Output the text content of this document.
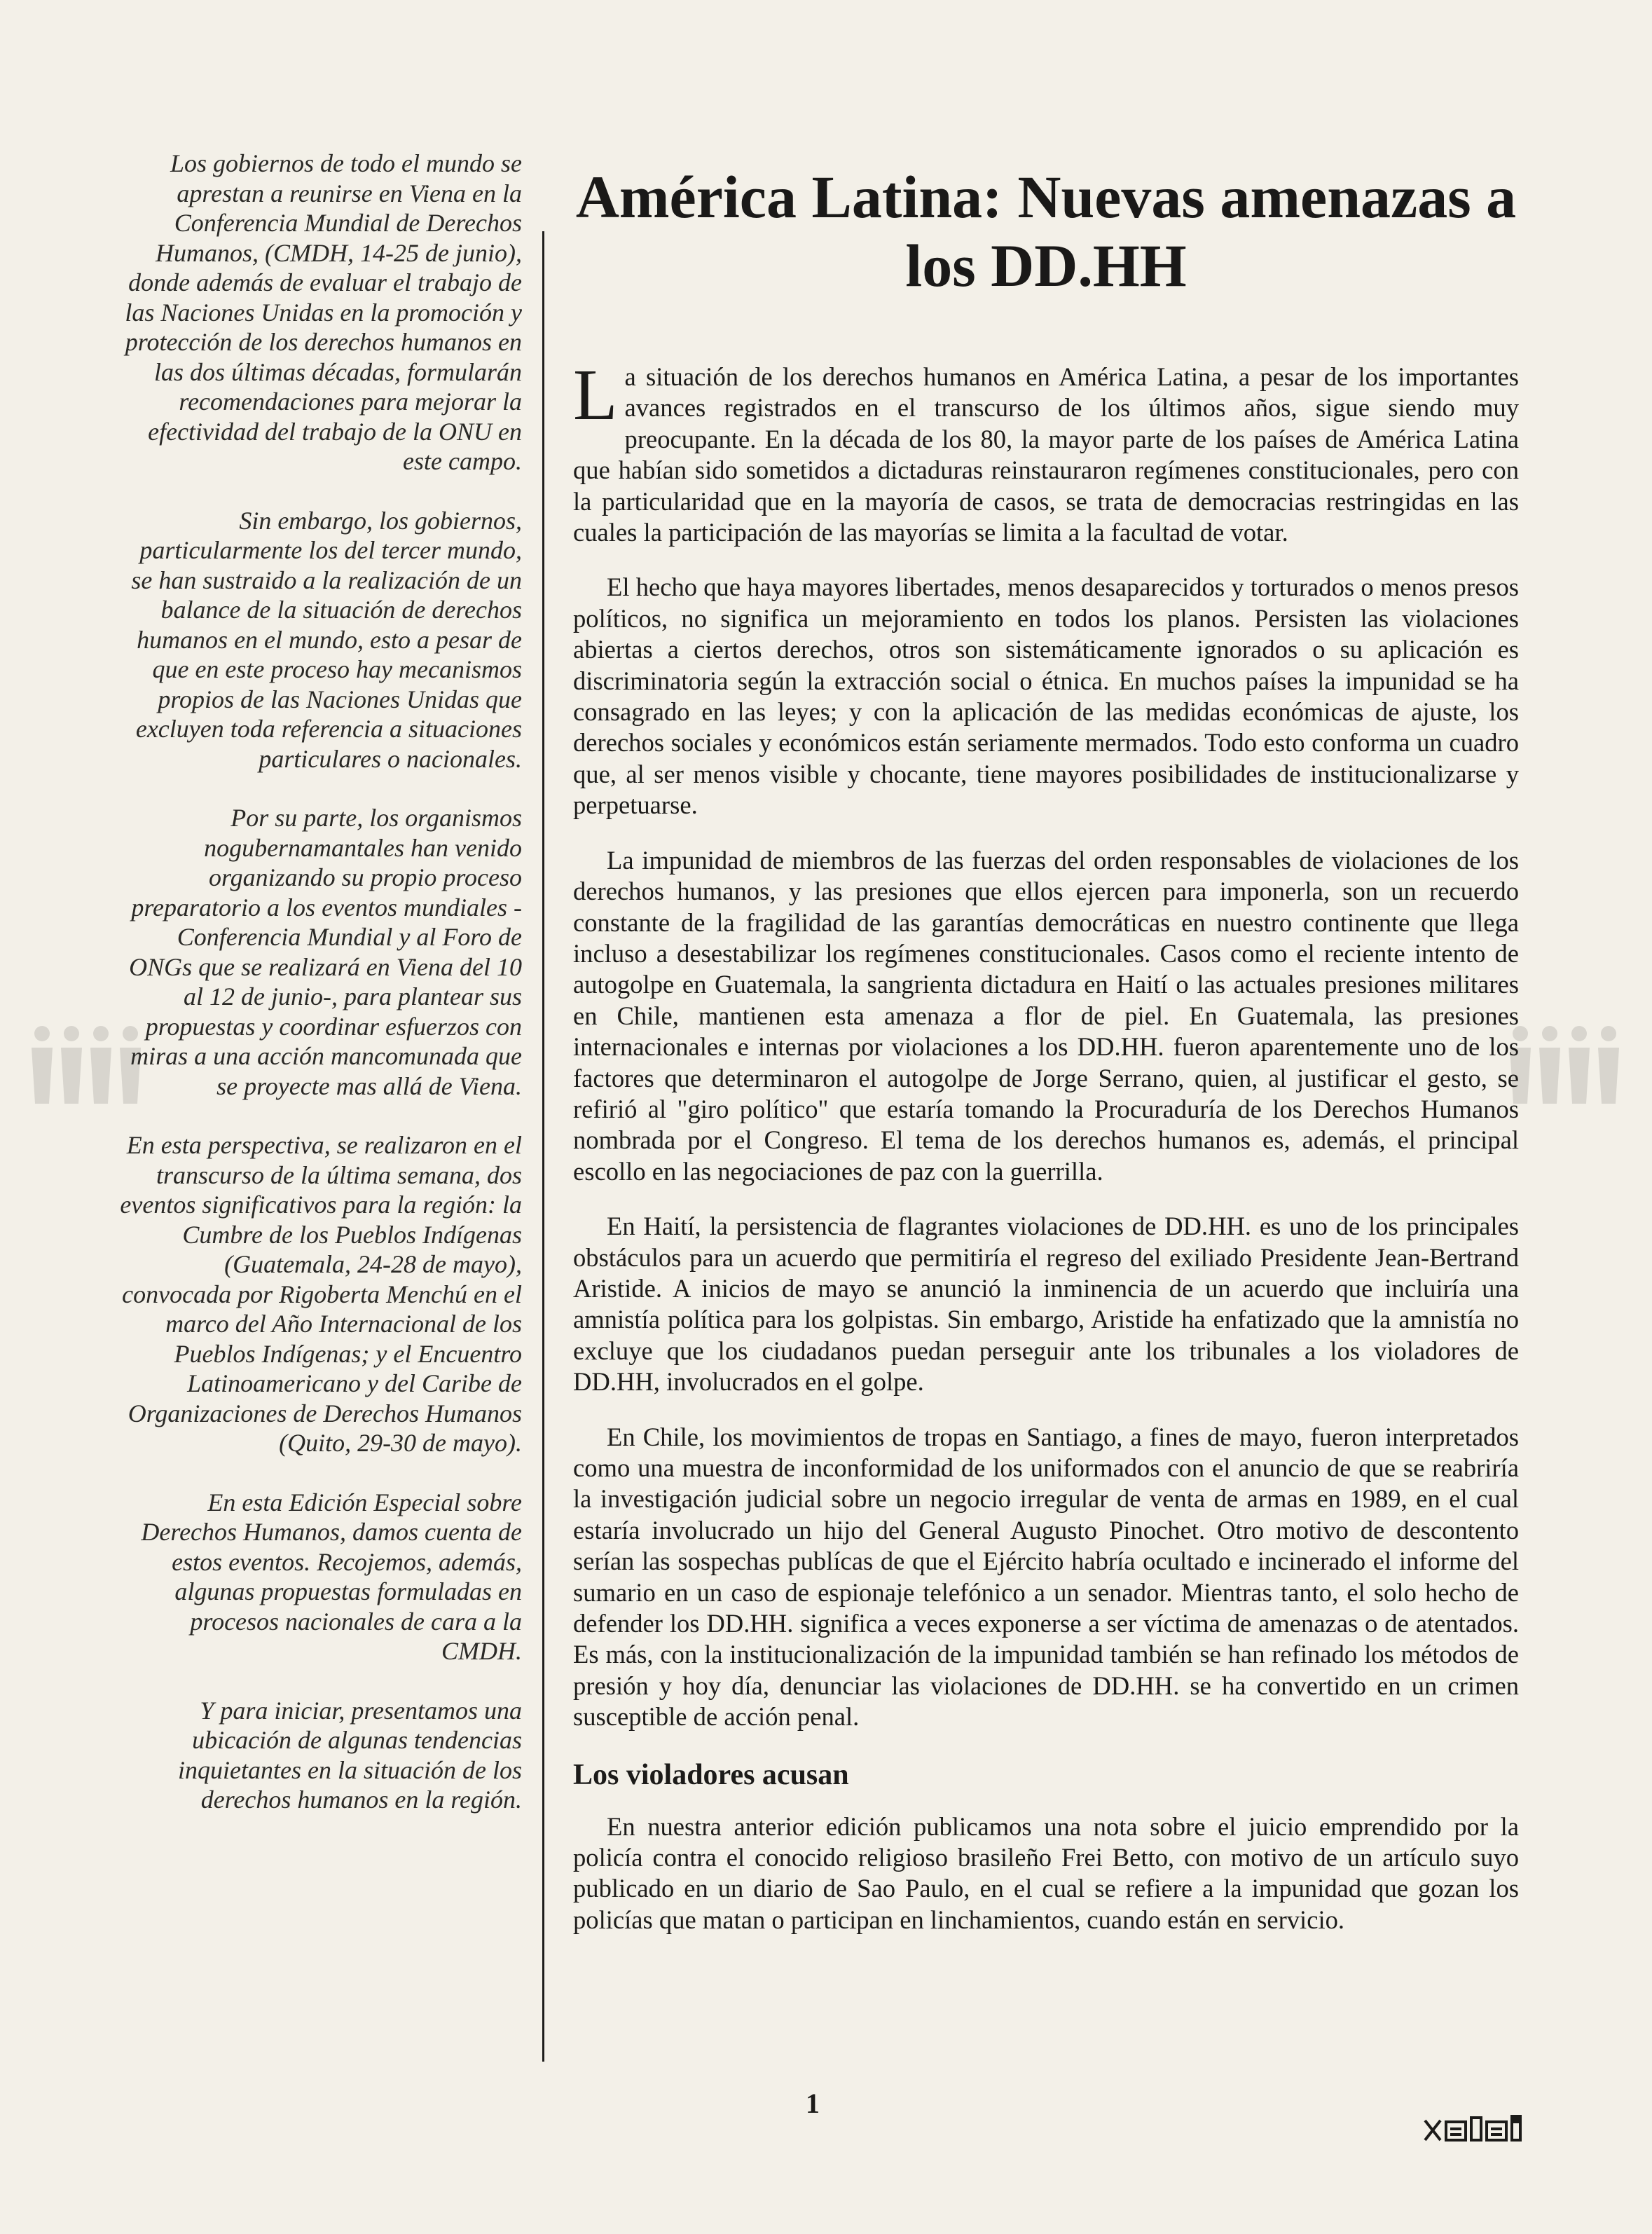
Los gobiernos de todo el mundo se aprestan a reunirse en Viena en la Conferencia Mundial de Derechos Humanos, (CMDH, 14-25 de junio), donde además de evaluar el trabajo de las Naciones Unidas en la promoción y protección de los derechos humanos en las dos últimas décadas, formularán recomendaciones para mejorar la efectividad del trabajo de la ONU en este campo.

Sin embargo, los gobiernos, particularmente los del tercer mundo, se han sustraido a la realización de un balance de la situación de derechos humanos en el mundo, esto a pesar de que en este proceso hay mecanismos propios de las Naciones Unidas que excluyen toda referencia a situaciones particulares o nacionales.

Por su parte, los organismos nogubernamantales han venido organizando su propio proceso preparatorio a los eventos mundiales -Conferencia Mundial y al Foro de ONGs que se realizará en Viena del 10 al 12 de junio-, para plantear sus propuestas y coordinar esfuerzos con miras a una acción mancomunada que se proyecte mas allá de Viena.

En esta perspectiva, se realizaron en el transcurso de la última semana, dos eventos significativos para la región: la Cumbre de los Pueblos Indígenas (Guatemala, 24-28 de mayo), convocada por Rigoberta Menchú en el marco del Año Internacional de los Pueblos Indígenas; y el Encuentro Latinoamericano y del Caribe de Organizaciones de Derechos Humanos (Quito, 29-30 de mayo).

En esta Edición Especial sobre Derechos Humanos, damos cuenta de estos eventos. Recojemos, además, algunas propuestas formuladas en procesos nacionales de cara a la CMDH.

Y para iniciar, presentamos una ubicación de algunas tendencias inquietantes en la situación de los derechos humanos en la región.

América Latina: Nuevas amenazas a los DD.HH

La situación de los derechos humanos en América Latina, a pesar de los importantes avances registrados en el transcurso de los últimos años, sigue siendo muy preocupante. En la década de los 80, la mayor parte de los países de América Latina que habían sido sometidos a dictaduras reinstauraron regímenes constitucionales, pero con la particularidad que en la mayoría de casos, se trata de democracias restringidas en las cuales la participación de las mayorías se limita a la facultad de votar.

El hecho que haya mayores libertades, menos desaparecidos y torturados o menos presos políticos, no significa un mejoramiento en todos los planos. Persisten las violaciones abiertas a ciertos derechos, otros son sistemáticamente ignorados o su aplicación es discriminatoria según la extracción social o étnica. En muchos países la impunidad se ha consagrado en las leyes; y con la aplicación de las medidas económicas de ajuste, los derechos sociales y económicos están seriamente mermados. Todo esto conforma un cuadro que, al ser menos visible y chocante, tiene mayores posibilidades de institucionalizarse y perpetuarse.

La impunidad de miembros de las fuerzas del orden responsables de violaciones de los derechos humanos, y las presiones que ellos ejercen para imponerla, son un recuerdo constante de la fragilidad de las garantías democráticas en nuestro continente que llega incluso a desestabilizar los regímenes constitucionales. Casos como el reciente intento de autogolpe en Guatemala, la sangrienta dictadura en Haití o las actuales presiones militares en Chile, mantienen esta amenaza a flor de piel. En Guatemala, las presiones internacionales e internas por violaciones a los DD.HH. fueron aparentemente uno de los factores que determinaron el autogolpe de Jorge Serrano, quien, al justificar el gesto, se refirió al "giro político" que estaría tomando la Procuraduría de los Derechos Humanos nombrada por el Congreso. El tema de los derechos humanos es, además, el principal escollo en las negociaciones de paz con la guerrilla.

En Haití, la persistencia de flagrantes violaciones de DD.HH. es uno de los principales obstáculos para un acuerdo que permitiría el regreso del exiliado Presidente Jean-Bertrand Aristide. A inicios de mayo se anunció la inminencia de un acuerdo que incluiría una amnistía política para los golpistas. Sin embargo, Aristide ha enfatizado que la amnistía no excluye que los ciudadanos puedan perseguir ante los tribunales a los violadores de DD.HH, involucrados en el golpe.

En Chile, los movimientos de tropas en Santiago, a fines de mayo, fueron interpretados como una muestra de inconformidad de los uniformados con el anuncio de que se reabriría la investigación judicial sobre un negocio irregular de venta de armas en 1989, en el cual estaría involucrado un hijo del General Augusto Pinochet. Otro motivo de descontento serían las sospechas publícas de que el Ejército habría ocultado e incinerado el informe del sumario en un caso de espionaje telefónico a un senador. Mientras tanto, el solo hecho de defender los DD.HH. significa a veces exponerse a ser víctima de amenazas o de atentados. Es más, con la institucionalización de la impunidad también se han refinado los métodos de presión y hoy día, denunciar las violaciones de DD.HH. se ha convertido en un crimen susceptible de acción penal.

Los violadores acusan

En nuestra anterior edición publicamos una nota sobre el juicio emprendido por la policía contra el conocido religioso brasileño Frei Betto, con motivo de un artículo suyo publicado en un diario de Sao Paulo, en el cual se refiere a la impunidad que gozan los policías que matan o participan en linchamientos, cuando están en servicio.

1
